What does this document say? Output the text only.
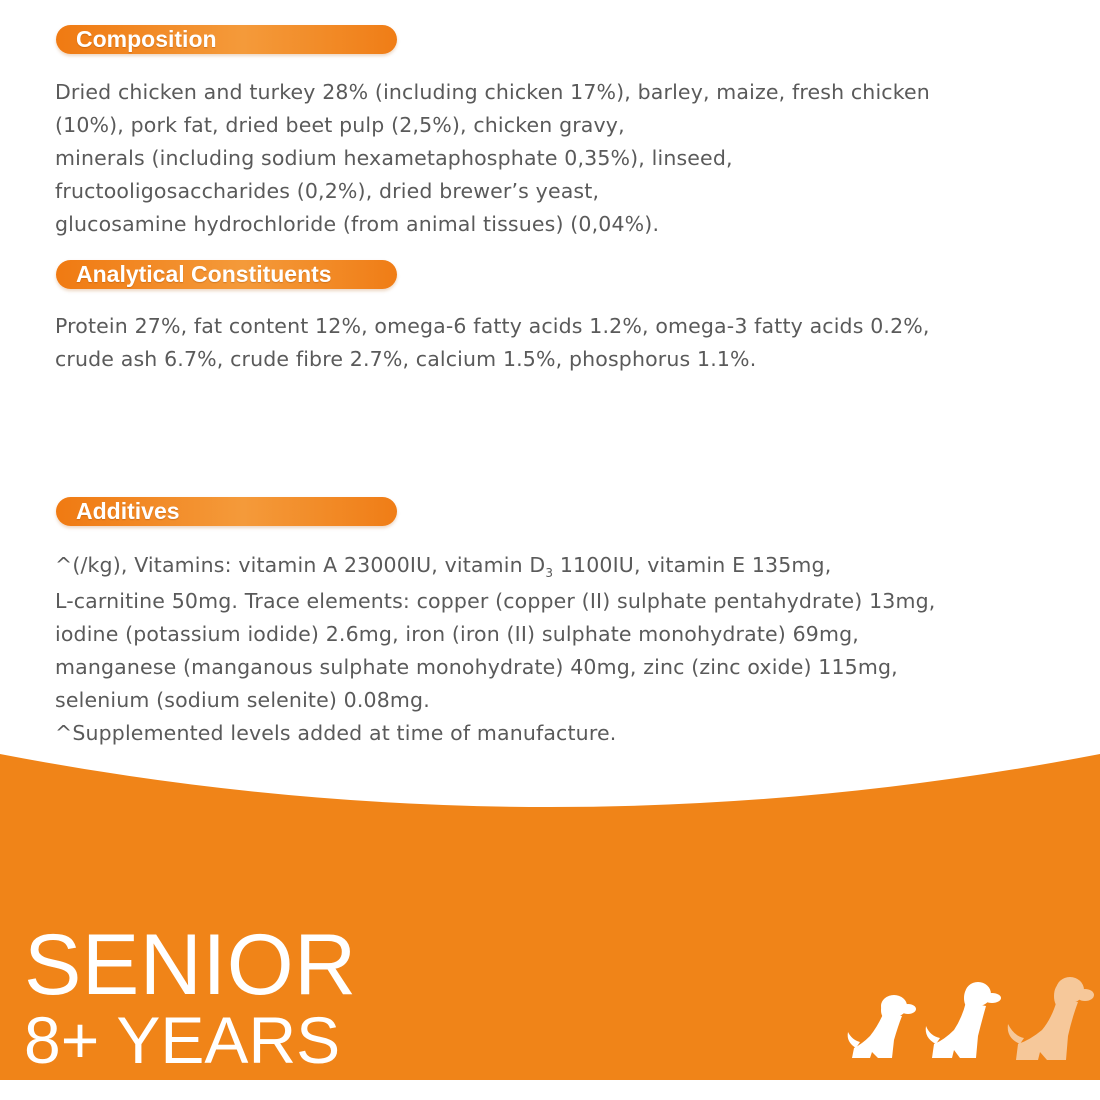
Composition
Dried chicken and turkey 28% (including chicken 17%), barley, maize, fresh chicken
(10%), pork fat, dried beet pulp (2,5%), chicken gravy,
minerals (including sodium hexametaphosphate 0,35%), linseed,
fructooligosaccharides (0,2%), dried brewer’s yeast,
glucosamine hydrochloride (from animal tissues) (0,04%).
Analytical Constituents
Protein 27%, fat content 12%, omega-6 fatty acids 1.2%, omega-3 fatty acids 0.2%,
crude ash 6.7%, crude fibre 2.7%, calcium 1.5%, phosphorus 1.1%.
Additives
^(/kg), Vitamins: vitamin A 23000IU, vitamin $D_3$ 1100IU, vitamin E 135mg,
L-carnitine 50mg. Trace elements: copper (copper (II) sulphate pentahydrate) 13mg,
iodine (potassium iodide) 2.6mg, iron (iron (II) sulphate monohydrate) 69mg,
manganese (manganous sulphate monohydrate) 40mg, zinc (zinc oxide) 115mg,
selenium (sodium selenite) 0.08mg.
^Supplemented levels added at time of manufacture.
SENIOR
8+ YEARS
